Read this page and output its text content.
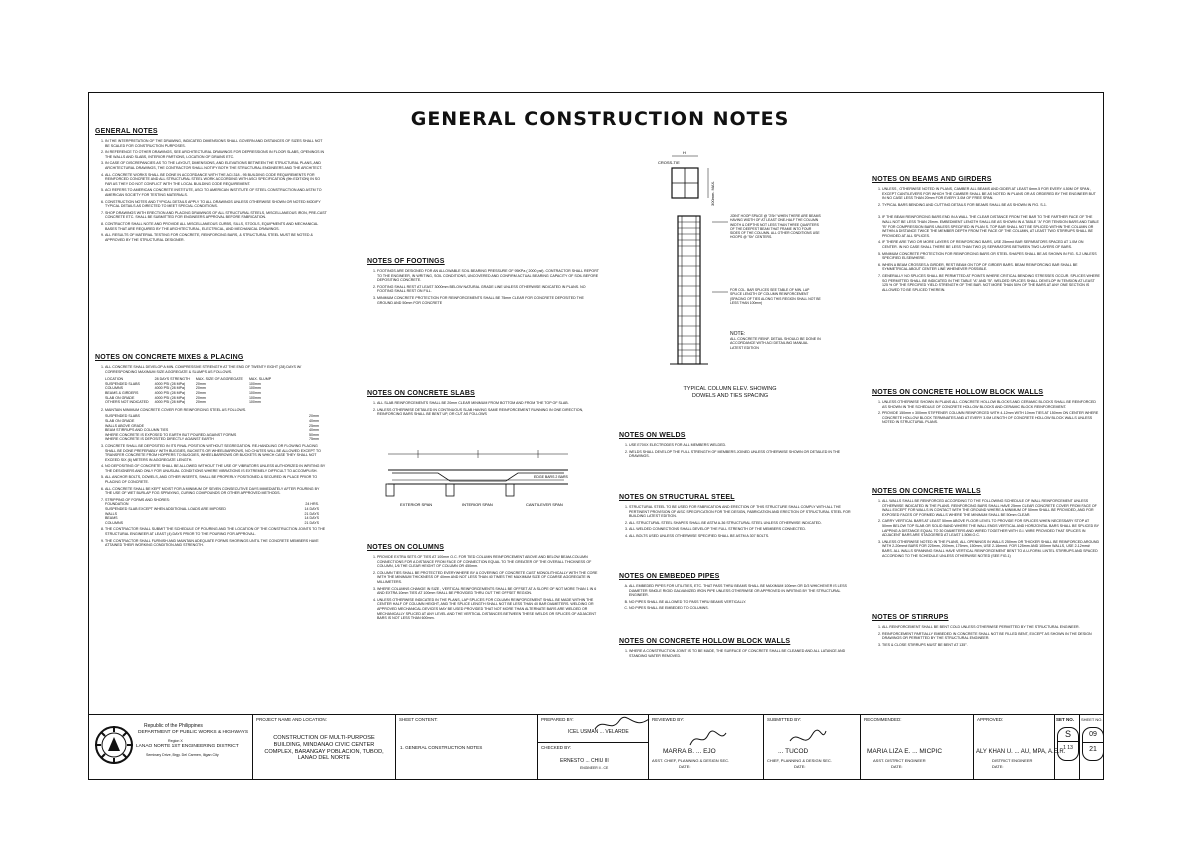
GENERAL CONSTRUCTION NOTES
GENERAL NOTES
1. IN THE INTERPRETATION OF THE DRAWING, INDICATED DIMENSIONS SHALL GOVERN AND DISTANCES OF SIZES SHALL NOT BE SCALED FOR CONSTRUCTION PURPOSES.
2. IN REFERENCE TO OTHER DRAWINGS, SEE ARCHITECTURAL DRAWINGS FOR DEPRESSIONS IN FLOOR SLABS, OPENINGS IN THE WALLS AND SLABS, INTERIOR PARTIONS, LOCATION OF DRAINS ETC.
3. IN CASE OF DISCREPANCIES AS TO THE LAYOUT, DIMENSIONS, AND ELEVATIONS BETWEEN THE STRUCTURAL PLANS, AND ARCHITECTURAL DRAWINGS, THE CONTRACTOR SHALL NOTIFY BOTH THE STRUCTURAL ENGINEERS AND THE ARCHITECT.
4. ALL CONCRETE WORKS SHALL BE DONE IN ACCORDANCE WITH THE ACI.318 - 95 BUILDING CODE REQUIREMENTS FOR REINFORCED CONCRETE AND ALL STRUCTURAL STEEL WORK ACCORDING WITH ASCI SPECIFICATION (9th EDITION) IN SO FAR AS THEY DO NOT CONFLICT WITH THE LOCAL BUILDING CODE REQUIREMENT.
5. ACI REFERS TO AMERICAN CONCRETE INSTITUTE, ASCI TO AMERICAN INSTITUTE OF STEEL CONSTRUCTION AND ASTM TO AMERICAN SOCIETY FOR TESTING MATERIALS.
6. CONSTRUCTION NOTES AND TYPICAL DETAILS APPLY TO ALL DRAWINGS UNLESS OTHERWISE SHOWN OR NOTED MODIFY TYPICAL DETAILS AS DIRECTED TO MEET SPECIAL CONDITIONS.
7. SHOP DRAWINGS WITH ERECTION AND PLACING DRAWINGS OF ALL STRUCTURAL STEELS, MISCELLANEOUS IRON, PRE-CAST CONCRETE ETC. SHALL BE SUBMITTED FOR ENGINEERS APPROVAL BEFORE FABRICATION.
8. CONTRACTOR SHALL NOTE AND PROVIDE ALL MISCELLANEOUS CURBS, SILLS, STOOLS, EQUIPMENTS AND MECHANICAL BASES THAT ARE REQUIRED BY THE ARCHITECTURAL, ELECTRICAL, AND MECHANICAL DRAWINGS.
9. ALL RESULTS OF MATERIAL TESTING FOR CONCRETE, REINFORCING BARS, & STRUCTURAL STEEL MUST BE NOTED & APPROVED BY THE STRUCTURAL DESIGNER.
NOTES ON CONCRETE MIXES & PLACING
1. ALL CONCRETE SHALL DEVELOP A MIN. COMPRESSIVE STRENGTH AT THE END OF TWENTY EIGHT (28) DAYS W/ CORRESPONDING MAXIMUM SIZE AGGREGATE & SLUMPS AS FOLLOWS.
LOCATION	28 DAYS STRENGTH	MAX. SIZE OF AGGREGATE	MAX. SLUMP
SUSPENDED SLABS	4000 PSI (28 MPa)	20mm	100mm
COLUMNS	4000 PSI (28 MPa)	20mm	100mm
BEAMS & GIRDERS	4000 PSI (28 MPa)	20mm	100mm
SLAB ON GRADE	4000 PSI (28 MPa)	20mm	100mm
OTHERS NOT INDICATED	4000 PSI (28 MPa)	20mm	100mm
2. MAINTAIN MINIMUM CONCRETE COVER FOR REINFORCING STEEL AS FOLLOWS.
SUSPENDED SLABS	20mm
SLAB ON GRADE	40mm
WALLS ABOVE GRADE	25mm
BEAM STIRRUPS AND COLUMN TIES	40mm
WHERE CONCRETE IS EXPOSED TO EARTH BUT POURED AGAINST FORMS	50mm
WHERE CONCRETE IS DEPOSITED DIRECTLY AGAINST EARTH	75mm
3. CONCRETE SHALL BE DEPOSITED IN ITS FINAL POSITION WITHOUT SEGREGATION. RE-HANDLING OR FLOWING PLACING SHALL BE DONE PREFERABLY WITH BUGGIES, BUCKETS OR WHEELBARROWS, NO CHUTES WILL BE ALLOWED EXCEPT TO TRANSFER CONCRETE FROM HOPPERS TO BUGGIES, WHEELBARROWS OR BUCKETS IN WHICH CASE THEY SHALL NOT EXCEED SIX (6) METERS IN AGGREGATE LENGTH.
4. NO DEPOSITING OF CONCRETE SHALL BE ALLOWED WITHOUT THE USE OF VIBRATORS UNLESS AUTHORIZED IN WRITING BY THE DESIGNERS AND ONLY FOR UNUSUAL CONDITIONS WHERE VIBRATIONS IS EXTREMELY DIFFICULT TO ACCOMPLISH.
5. ALL ANCHOR BOLTS, DOWELS, AND OTHER INSERTS, SHALL BE PROPERLY POSITIONED & SECURED IN PLACE PRIOR TO PLACING OF CONCRETE.
6. ALL CONCRETE SHALL BE KEPT MOIST FOR A MINIMUM OF SEVEN CONSECUTIVE DAYS IMMEDIATELY AFTER POURING BY THE USE OF WET BURLAP FOG SPRAYING, CURING COMPOUNDS OR OTHER APPROVED METHODS.
7. STRIPPING OF FORMS AND SHORES:
FOUNDATION	24 HRS.
SUSPENDED SLAB EXCEPT WHEN ADDITIONAL LOADS ARE IMPOSED	14 DAYS
WALLS	21 DAYS
BEAMS	14 DAYS
COLUMNS	21 DAYS
8. THE CONTRACTOR SHALL SUBMIT THE SCHEDULE OF POURING AND THE LOCATION OF THE CONSTRUCTION JOINTS TO THE STRUCTURAL ENGINEER AT LEAST (4) DAYS PRIOR TO THE POURING FOR APPROVAL.
9. THE CONTRACTOR SHALL FURNISH AND MAINTAIN ADEQUATE FORMS SHORINGS UNTIL THE CONCRETE MEMBERS HAVE ATTAINED THEIR WORKING CONDITION AND STRENGTH.
NOTES OF FOOTINGS
1. FOOTINGS ARE DESIGNED FOR AN ALLOWABLE SOIL BEARING PRESSURE OF 95KPa ( 2000 psf). CONTRACTOR SHALL REPORT TO THE ENGINEER, IN WRITING, SOIL CONDITIONS, UNCOVERED AND CONFIRM ACTUAL BEARING CAPACITY OF SOIL BEFORE DEPOSITING CONCRETE.
2. FOOTING SHALL REST AT LEAST 3000mm BELOW NATURAL GRADE LINE UNLESS OTHERWISE INDICATED IN PLANS. NO FOOTING SHALL REST ON FILL.
3. MINIMUM CONCRETE PROTECTION FOR REINFORCEMENTS SHALL BE 75mm CLEAR FOR CONCRETE DEPOSITED THE GROUND AND 50mm FOR CONCRETE
NOTES ON CONCRETE SLABS
1. ALL SLAB REINFORCEMENTS SHALL BE 20mm CLEAR MINIMUM FROM BOTTOM AND FROM THE TOP OF SLAB.
2. UNLESS OTHERWISE DETAILED IN CONTINUOUS SLAB HAVING SAME REINFORCEMENT RUNNING IN ONE DIRECTION, REINFORCING BARS SHALL BE BENT UP, OR CUT AS FOLLOWS
EXTERIOR SPAN	INTERIOR SPAN	CANTILEVER SPAN
EDGE BARS 2 BARS
NOTES ON COLUMNS
1. PROVIDE EXTRA SETS OF TIES AT 100mm O.C. FOR TIED COLUMN REINFORCEMENT ABOVE AND BELOW BEAM-COLUMN CONNECTIONS FOR A DISTANCE FROM FACE OF CONNECTION EQUAL TO THE GREATER OF THE OVERALL THICKNESS OF COLUMN, 1/6 THE CLEAR HEIGHT OF COLUMN OR 450mm.
2. COLUMN TIES SHALL BE PROTECTED EVERYWHERE BY A COVERING OF CONCRETE CAST MONOLITHICALLY WITH THE CORE WITH THE MINIMUM THICKNESS OF 40mm AND NOT LESS THAN 40 TIMES THE MAXIMUM SIZE OF COARSE AGGREGATE IN MILLIMETERS.
3. WHERE COLUMNS CHANGE IN SIZE , VERTICAL REINFORCEMENTS SHALL BE OFFSET AT A SLOPE OF NOT MORE THAN 1 IN 6 AND EXTRA 10mm TIES AT 100mm SHALL BE PROVIDED THRU OUT THE OFFSET REGION.
4. UNLESS OTHERWISE INDICATED IN THE PLANS, LAP SPLICES FOR COLUMN REINFORCEMENT SHALL BE MADE WITHIN THE CENTER HALF OF COLUMN HEIGHT, AND THE SPLICE LENGTH SHALL NOT BE LESS THAN 40 BAR DIAMETERS. WELDING OR APPROVED MECHANICAL DEVICES MAY BE USED PROVIDED THAT NOT MORE THAN ALTERNATE BARS ARE WELDED OR MECHANICALLY SPLICED AT ANY LEVEL AND THE VERTICAL DISTANCES BETWEEN THESE WELDS OR SPLICES OF ADJACENT BARS IS NOT LESS THAN 600mm.
CROSS-TIE
H
300mm. MAX.
JOINT HOOP SPACE @ "2Sh" WHEN THERE ARE BEAMS HAVING WIDTH OF AT LEAST ONE-HALF THE COLUMN WIDTH & DEPTHS NOT LESS THAN THREE QUARTERS OF THE DEEPEST BEAM THAT FRAME INTO FOUR SIDES OF THE COLUMN. ALL OTHER CONDITIONS USE HOOPS @ "Sh" CENTERS.
FOR COL. BAR SPLICES SEE TABLE OF MIN. LAP SPLICE LENGTH OF COLUMN REINFORCEMENT (SPACING OF TIES ALONG THIS REGION SHALL NOT BE LESS THAN 100mm)
NOTE:
ALL CONCRETE REINF. DETAIL SHOULD BE DONE IN ACCORDANCE WITH ACI DETAILING MANUAL LATEST EDITION
TYPICAL COLUMN ELEV. SHOWING
DOWELS AND TIES SPACING
NOTES ON WELDS
1. USE E70XX ELECTRODES FOR ALL MEMBERS WELDED.
2. WELDS SHALL DEVELOP THE FULL STRENGTH OF MEMBERS JOINED UNLESS OTHERWISE SHOWN OR DETAILED IN THE DRAWINGS.
NOTES ON STRUCTURAL STEEL
1. STRUCTURAL STEEL TO BE USED FOR FABRICATION AND ERECTION OF THIS STRUCTURE SHALL COMPLY WITH ALL THE PERTINENT PROVISION OF AISC SPECIFICATION FOR THE DESIGN, FABRICATION AND ERECTION OF STRUCTURAL STEEL FOR BUILDING LATEST EDITION.
2. ALL STRUCTURAL STEEL SHAPES SHALL BE ASTM A-36 STRUCTURAL STEEL UNLESS OTHERWISE INDICATED.
3. ALL WELDED CONNECTIONS SHALL DEVELOP THE FULL STRENGTH OF THE MEMBERS CONNECTED.
4. ALL BOLTS USED UNLESS OTHERWISE SPECIFIED SHALL BE ASTM A 307 BOLTS.
NOTES ON EMBEDED PIPES
A. ALL EMBEDED PIPES FOR UTILITIES, ETC. THAT PASS THRU BEAMS SHALL BE MAXIMUM 100mm OR D/3 WHICHEVER IS LESS DIAMETER SINGLE RIGID GALVANIZED IRON PIPE UNLESS OTHERWISE OR APPROVED IN WRITING BY THE STRUCTURAL ENGINEER.
B. NO PIPES SHALL BE ALLOWED TO PASS THRU BEAMS VERTICALLY.
C. NO PIPES SHALL BE EMBEDED TO COLUMNS.
NOTES ON CONCRETE HOLLOW BLOCK WALLS
1. WHERE A CONSTRUCTION JOINT IS TO BE MADE, THE SURFACE OF CONCRETE SHALL BE CLEANED AND ALL LATANCE AND STANDING WATER REMOVED.
NOTES ON BEAMS AND GIRDERS
1. UNLESS , OTHERWISE NOTED IN PLANS, CAMBER ALL BEAMS AND GIDER AT LEAST 6mm.5 FOR EVERY 4.50M OF SPAN , EXCEPT CANTILEVERS FOR WHICH THE CAMBER SHALL BE AS NOTED IN PLANS OR AS ORDERED BY THE ENGINEER BUT IN NO CASE LESS THAN 20mm FOR EVERY 3.0M OF FREE SPAN.
2. TYPICAL BARS BENDING AND CUTTING DETAILS FOR BEAMS SHALL BE AS SHOWN IN FIG. S-1.
3. IF THE BEAM REINFORCING BARS END IN A WALL THE CLEAR DISTANCE FROM THE BAR TO THE FARTHER FACE OF THE WALL NOT BE LESS THAN 25mm. EMBEDMENT LENGTH SHALL BE AS SHOWN IN A TABLE "A" FOR TENSION BARS AND TABLE "B" FOR COMPRESSION BARS UNLESS SPECIFIED IN PLAN S. TOP BAR SHALL NOT BE SPLICED WITHIN THE COLUMN OR WITHIN A DISTANCE TWICE THE MEMBER DEPTH FROM THE FACE OF THE COLUMN, AT LEAST TWO STIRRUPS SHALL BE PROVIDED AT ALL SPLICES.
4. IF THERE ARE TWO OR MORE LAYERS OF REINFORCING BARS, USE 25mm# BAR SEPARATORS SPACED AT 1.0M ON CENTER. IN NO CASE SHALL THERE BE LESS THAN TWO (2) SEPARATORS BETWEEN TWO LAYERS OF BARS.
5. MINIMUM CONCRETE PROTECTION FOR REINFORCING BARS OR STEEL SHAPES SHALL BE AS SHOWN IN FIG. S-2 UNLESS SPECIFIED ELSEWHERE.
6. WHEN A BEAM CROSSES A GIRDER, REST BEAM ON TOP OF GIRDER BARS. BEAM REINFORCING BAR SHALL BE SYMMETRICAL ABOUT CENTER LINE WHENEVER POSSIBLE.
7. GENERALLY NO SPLICES SHALL BE PERMITTED AT POINTS WHERE CRITICAL BENDING STRESSES OCCUR. SPLICES WHERE SO PERMITTED SHALL BE INDICATED IN THE TABLE "A" AND "B". WELDED SPLICES SHALL DEVELOP IN TENSION AT LEAST 125 % OF THE SPECIFIED YIELD STRENGTH OF THE BAR. NOT MORE THAN 50% OF THE BARS AT ANY ONE SECTION IS ALLOWED TO BE SPLICED THEREIN.
NOTES ON CONCRETE HOLLOW BLOCK WALLS
1. UNLESS OTHERWISE SHOWN IN PLANS ALL CONCRETE HOLLOW BLOCKS AND CERAMIC BLOCKS SHALL BE REINFORCED AS SHOWN IN THE SCHEDULE OF CONCRETE HOLLOW BLOCKS AND CERAMIC BLOCK REINFORCEMENT.
2. PROVIDE 150mm x 300mm STIFFENER COLUMN REINFORCED WITH 4-12mm WITH 10mm TIES AT 150mm ON CENTER WHERE CONCRETE HOLLOW BLOCK TERMINATES AND AT EVERY 3.0M LENGTH OF CONCRETE HOLLOW BLOCK WALLS UNLESS NOTED IN STRUCTURAL PLANS.
NOTES ON CONCRETE WALLS
1. ALL WALLS SHALL BE REINFORCED ACCORDING TO THE FOLLOWING SCHEDULE OF WALL REINFORCEMENT UNLESS OTHERWISE INDICATED IN THE PLANS. REINFORCING BARS SHALL HAVE 25mm CLEAR CONCRETE COVER FROM FACE OF WALL EXCEPT FOR WALLS IN CONTACT WITH THE GROUND WHERE A MINIMUM OF 50mm SHALL BE PROVIDED, AND FOR EXPOSED FACES OF FORMED WALLS WHERE THE MINIMUM SHALL BE 50mm CLEAR.
2. CARRY VERTICAL BARS AT LEAST 50mm ABOVE FLOOR LEVEL TO PROVIDE FOR SPLICES WHEN NECESSARY STOP AT 50mm BELOW TOP SLAB OR SOLID BAND WHERE THE WALL ENDS VERTICAL AND HORIZONTAL BARS SHALL BE SPLICED BY LAPPING A DISTANCE EQUAL TO 30 DIAMETERS AND WIRED TOGETHER WITH G.I. WIRE PROVIDED THAT SPLICES IN ADJACENT BARS ARE STAGGERED AT LEAST 1.50M.O.C.
3. UNLESS OTHERWISE NOTED IN THE PLANS, ALL OPENINGS IN WALLS 250mm OR THICKER SHALL BE REINFORCED AROUND WITH 2-20mm# BARS FOR 225mm, 200mm, 175mm, 150mm, USE 2-16mm#. FOR 125mm AND 100mm WALLS, USE 2-12mm# BARS. ALL WALLS SPANNING SHALL HAVE VERTICAL REINFORCEMENT BENT TO A U-FORM. LINTEL STIRRUPS AND SPACED ACCORDING TO THE SCHEDULE UNLESS OTHERWISE NOTED (SEE FIG.1)
NOTES OF STIRRUPS
1. ALL REINFORCEMENT SHALL BE BENT COLD UNLESS OTHERWISE PERMITTED BY THE STRUCTURAL ENGINEER.
2. REINFORCEMENT PARTIALLY EMBEDED IN CONCRETE SHALL NOT BE FILLED BENT, EXCEPT AS SHOWN IN THE DESIGN DRAWINGS OR PERMITTED BY THE STRUCTURAL ENGINEER.
3. TIES & CLOSE STIRRUPS MUST BE BENT AT 135°.
Republic of the Philippines
DEPARTMENT OF PUBLIC WORKS & HIGHWAYS
Region X
LANAO NORTE 1ST ENGINEERING DISTRICT
Seminary Drive, Brgy. Del Carmen, Iligan City
PROJECT NAME AND LOCATION:
CONSTRUCTION OF MULTI-PURPOSE BUILDING, MINDANAO CIVIC CENTER COMPLEX, BARANGAY POBLACION, TUBOD, LANAO DEL NORTE
SHEET CONTENT:
1. GENERAL CONSTRUCTION NOTES
PREPARED BY:
ICEL USMAN ... VELARDE
CHECKED BY:
ERNESTO ... CHIU III
ENGINEER II - CE
REVIEWED BY:
MARRA B. ... EJO
ASST. CHIEF, PLANNING & DESIGN SEC.
DATE:
SUBMITTED BY:
... TUCOD
CHIEF, PLANNING & DESIGN SEC.
DATE:
RECOMMENDED:
MARIA LIZA E. ... MICPIC
ASST. DISTRICT ENGINEER
DATE:
APPROVED:
ALY KHAN U. ... AU, MPA, A.E.R.
DISTRICT ENGINEER
DATE:
SET NO.
S
1 13
SHEET NO.
09
21
